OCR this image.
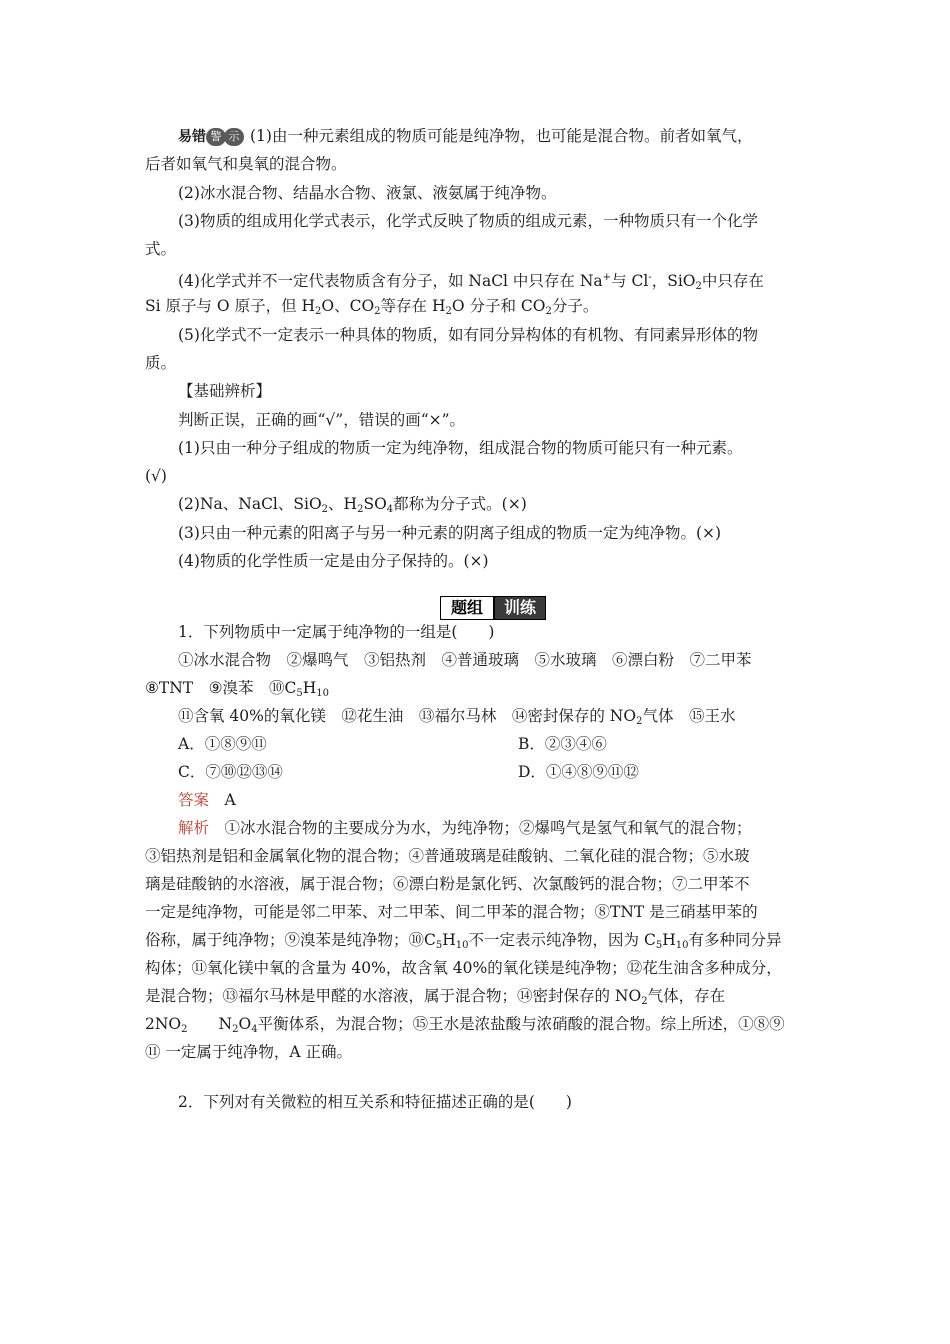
易错 警 示 (1)由一种元素组成的物质可能是纯净物，也可能是混合物。前者如氧气，
后者如氧气和臭氧的混合物。
(2)冰水混合物、结晶水合物、液氯、液氨属于纯净物。
(3)物质的组成用化学式表示，化学式反映了物质的组成元素，一种物质只有一个化学
式。
(4)化学式并不一定代表物质含有分子，如 NaCl 中只存在 Na+与 Cl-，SiO$_2$中只存在
Si 原子与 O 原子，但 $H_2O$、$CO_2$等存在 $H_2O$ 分子和 $CO_2$分子。
(5)化学式不一定表示一种具体的物质，如有同分异构体的有机物、有同素异形体的物
质。
【基础辨析】
判断正误，正确的画“√”，错误的画“×”。
(1)只由一种分子组成的物质一定为纯净物，组成混合物的物质可能只有一种元素。
(√)
(2)Na、NaCl、SiO$_2$、$H_2SO_4$都称为分子式。(×)
(3)只由一种元素的阳离子与另一种元素的阴离子组成的物质一定为纯净物。(×)
(4)物质的化学性质一定是由分子保持的。(×)
题组	训练
1．下列物质中一定属于纯净物的一组是(　　)
①冰水混合物　②爆鸣气　③铝热剂　④普通玻璃　⑤水玻璃　⑥漂白粉　⑦二甲苯
⑧TNT　⑨溴苯　$⑩C_5H_{10}$
⑪含氧 40%的氧化镁　⑫花生油　⑬福尔马林　⑭密封保存的 $NO_2$气体　⑮王水
A．①⑧⑨⑪	B．②③④⑥
C．⑦⑩⑫⑬⑭	D．①④⑧⑨⑪⑫
答案　 A
解析　 ①冰水混合物的主要成分为水，为纯净物；②爆鸣气是氢气和氧气的混合物；
③铝热剂是铝和金属氧化物的混合物；④普通玻璃是硅酸钠、二氧化硅的混合物；⑤水玻
璃是硅酸钠的水溶液，属于混合物；⑥漂白粉是氯化钙、次氯酸钙的混合物；⑦二甲苯不
一定是纯净物，可能是邻二甲苯、对二甲苯、间二甲苯的混合物；⑧TNT 是三硝基甲苯的
俗称，属于纯净物；⑨溴苯是纯净物；$⑩C_5H_{10}$不一定表示纯净物，因为 $C_5H_{10}$有多种同分异
构体；⑪氧化镁中氧的含量为 40%，故含氧 40%的氧化镁是纯净物；⑫花生油含多种成分，
是混合物；⑬福尔马林是甲醛的水溶液，属于混合物；⑭密封保存的 $NO_2$气体，存在
$2NO_2$　　$N_2O_4$平衡体系，为混合物；⑮王水是浓盐酸与浓硝酸的混合物。综上所述，①⑧⑨
⑪ 一定属于纯净物，A 正确。
2．下列对有关微粒的相互关系和特征描述正确的是(　　)
